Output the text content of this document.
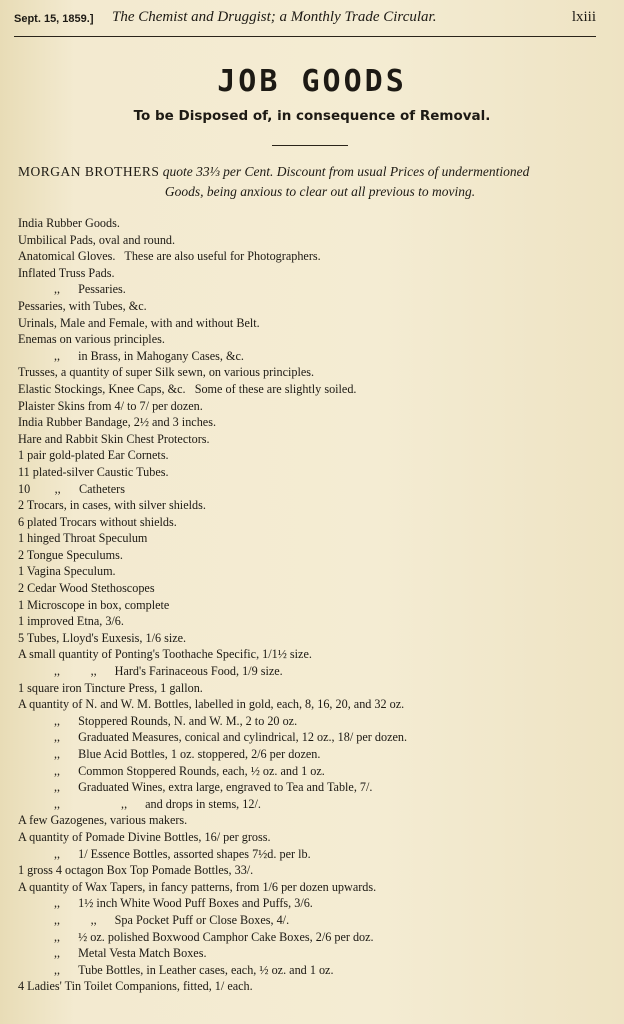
Sept. 15, 1859.] The Chemist and Druggist; a Monthly Trade Circular.	lxiii
JOB GOODS
To be Disposed of, in consequence of Removal.
MORGAN BROTHERS quote 33⅓ per Cent. Discount from usual Prices of undermentioned
Goods, being anxious to clear out all previous to moving.
India Rubber Goods.
Umbilical Pads, oval and round.
Anatomical Gloves.   These are also useful for Photographers.
Inflated Truss Pads.
,, Pessaries.
Pessaries, with Tubes, &c.
Urinals, Male and Female, with and without Belt.
Enemas on various principles.
,, in Brass, in Mahogany Cases, &c.
Trusses, a quantity of super Silk sewn, on various principles.
Elastic Stockings, Knee Caps, &c.   Some of these are slightly soiled.
Plaister Skins from 4/ to 7/ per dozen.
India Rubber Bandage, 2½ and 3 inches.
Hare and Rabbit Skin Chest Protectors.
1 pair gold-plated Ear Cornets.
11 plated-silver Caustic Tubes.
10        ,,      Catheters
2 Trocars, in cases, with silver shields.
6 plated Trocars without shields.
1 hinged Throat Speculum
2 Tongue Speculums.
1 Vagina Speculum.
2 Cedar Wood Stethoscopes
1 Microscope in box, complete
1 improved Etna, 3/6.
5 Tubes, Lloyd's Euxesis, 1/6 size.
A small quantity of Ponting's Toothache Specific, 1/1½ size.
,,          ,, Hard's Farinaceous Food, 1/9 size.
1 square iron Tincture Press, 1 gallon.
A quantity of N. and W. M. Bottles, labelled in gold, each, 8, 16, 20, and 32 oz.
,, Stoppered Rounds, N. and W. M., 2 to 20 oz.
,, Graduated Measures, conical and cylindrical, 12 oz., 18/ per dozen.
,, Blue Acid Bottles, 1 oz. stoppered, 2/6 per dozen.
,, Common Stoppered Rounds, each, ½ oz. and 1 oz.
,, Graduated Wines, extra large, engraved to Tea and Table, 7/.
,,                    ,, and drops in stems, 12/.
A few Gazogenes, various makers.
A quantity of Pomade Divine Bottles, 16/ per gross.
,, 1/ Essence Bottles, assorted shapes 7½d. per lb.
1 gross 4 octagon Box Top Pomade Bottles, 33/.
A quantity of Wax Tapers, in fancy patterns, from 1/6 per dozen upwards.
,, 1½ inch White Wood Puff Boxes and Puffs, 3/6.
,,          ,, Spa Pocket Puff or Close Boxes, 4/.
,, ½ oz. polished Boxwood Camphor Cake Boxes, 2/6 per doz.
,, Metal Vesta Match Boxes.
,, Tube Bottles, in Leather cases, each, ½ oz. and 1 oz.
4 Ladies' Tin Toilet Companions, fitted, 1/ each.
